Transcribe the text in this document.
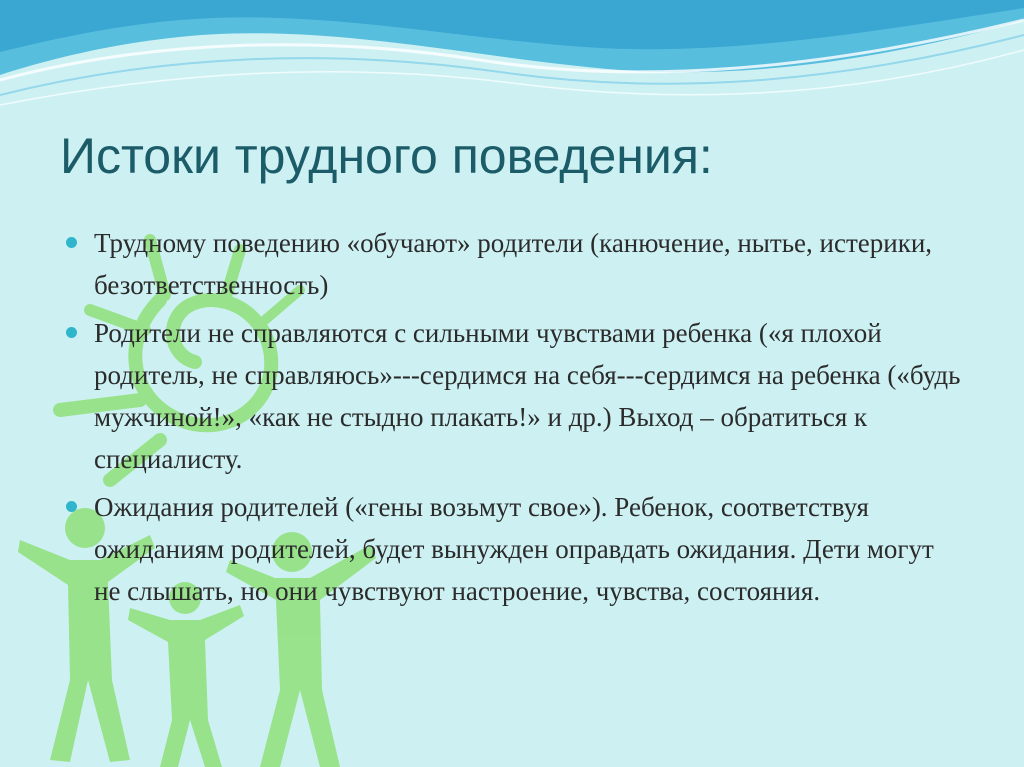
Истоки трудного поведения:
Трудному поведению «обучают» родители (канючение, нытье, истерики, безответственность)
Родители не справляются с сильными чувствами ребенка («я плохой родитель, не справляюсь»---сердимся на себя---сердимся на ребенка («будь мужчиной!», «как не стыдно плакать!» и др.) Выход – обратиться к специалисту.
Ожидания родителей («гены возьмут свое»). Ребенок, соответствуя ожиданиям родителей, будет вынужден оправдать ожидания. Дети могут не слышать, но они чувствуют настроение, чувства, состояния.
